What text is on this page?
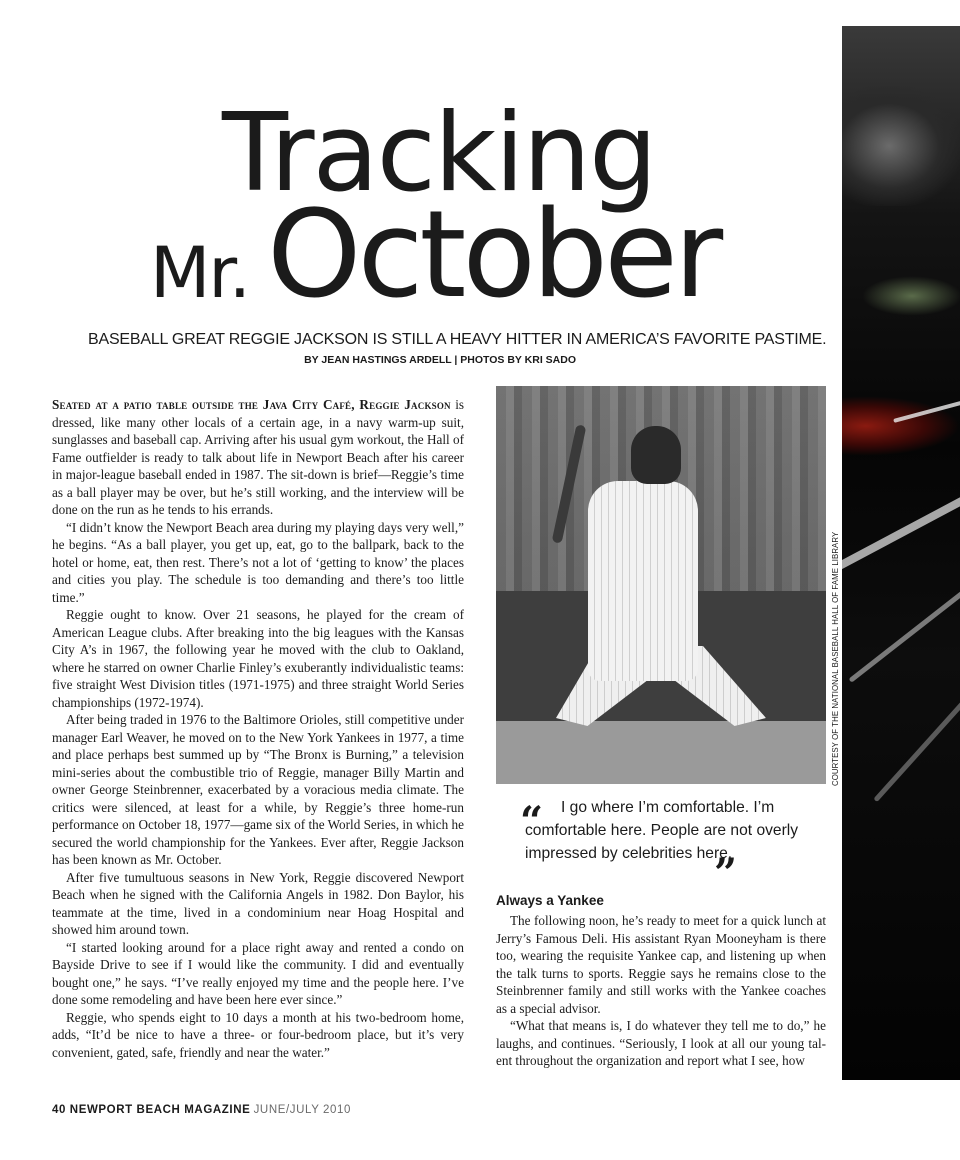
Tracking
Mr. October
BASEBALL GREAT REGGIE JACKSON IS STILL A HEAVY HITTER IN AMERICA’S FAVORITE PASTIME.
BY JEAN HASTINGS ARDELL | PHOTOS BY KRI SADO

Seated at a patio table outside the Java City Café, Reggie Jackson is dressed, like many other locals of a certain age, in a navy warm-up suit, sunglasses and baseball cap. Arriving after his usual gym workout, the Hall of Fame outfielder is ready to talk about life in Newport Beach after his career in major-league baseball ended in 1987. The sit-down is brief—Reggie’s time as a ball player may be over, but he’s still working, and the interview will be done on the run as he tends to his errands.

“I didn’t know the Newport Beach area during my playing days very well,” he begins. “As a ball player, you get up, eat, go to the ballpark, back to the hotel or home, eat, then rest. There’s not a lot of ‘getting to know’ the places and cities you play. The schedule is too demanding and there’s too little time.”

Reggie ought to know. Over 21 seasons, he played for the cream of American League clubs. After breaking into the big leagues with the Kansas City A’s in 1967, the following year he moved with the club to Oakland, where he starred on owner Charlie Finley’s exuberantly individualistic teams: five straight West Division titles (1971-1975) and three straight World Series championships (1972-1974).

After being traded in 1976 to the Baltimore Orioles, still competitive under manager Earl Weaver, he moved on to the New York Yankees in 1977, a time and place perhaps best summed up by “The Bronx is Burning,” a television mini-series about the combustible trio of Reggie, manager Billy Martin and owner George Steinbrenner, exacerbated by a voracious media climate. The critics were silenced, at least for a while, by Reggie’s three home-run performance on October 18, 1977—game six of the World Series, in which he secured the world championship for the Yankees. Ever after, Reggie Jackson has been known as Mr. October.

After five tumultuous seasons in New York, Reggie discovered Newport Beach when he signed with the California Angels in 1982. Don Baylor, his teammate at the time, lived in a condominium near Hoag Hospital and showed him around town.

“I started looking around for a place right away and rented a condo on Bayside Drive to see if I would like the community. I did and eventually bought one,” he says. “I’ve really enjoyed my time and the people here. I’ve done some remodeling and have been here ever since.”

Reggie, who spends eight to 10 days a month at his two-bedroom home, adds, “It’d be nice to have a three- or four-bedroom place, but it’s very convenient, gated, safe, friendly and near the water.”

COURTESY OF THE NATIONAL BASEBALL HALL OF FAME LIBRARY
“	I go where I’m comfortable. I’m comfortable here. People are not overly impressed by celebrities here.
”
Always a Yankee

The following noon, he’s ready to meet for a quick lunch at Jerry’s Famous Deli. His assistant Ryan Mooneyham is there too, wearing the requisite Yankee cap, and listening up when the talk turns to sports. Reggie says he remains close to the Steinbrenner family and still works with the Yankee coaches as a special advisor.

“What that means is, I do whatever they tell me to do,” he laughs, and continues. “Seriously, I look at all our young tal-ent throughout the organization and report what I see, how

40 NEWPORT BEACH MAGAZINE JUNE/JULY 2010
